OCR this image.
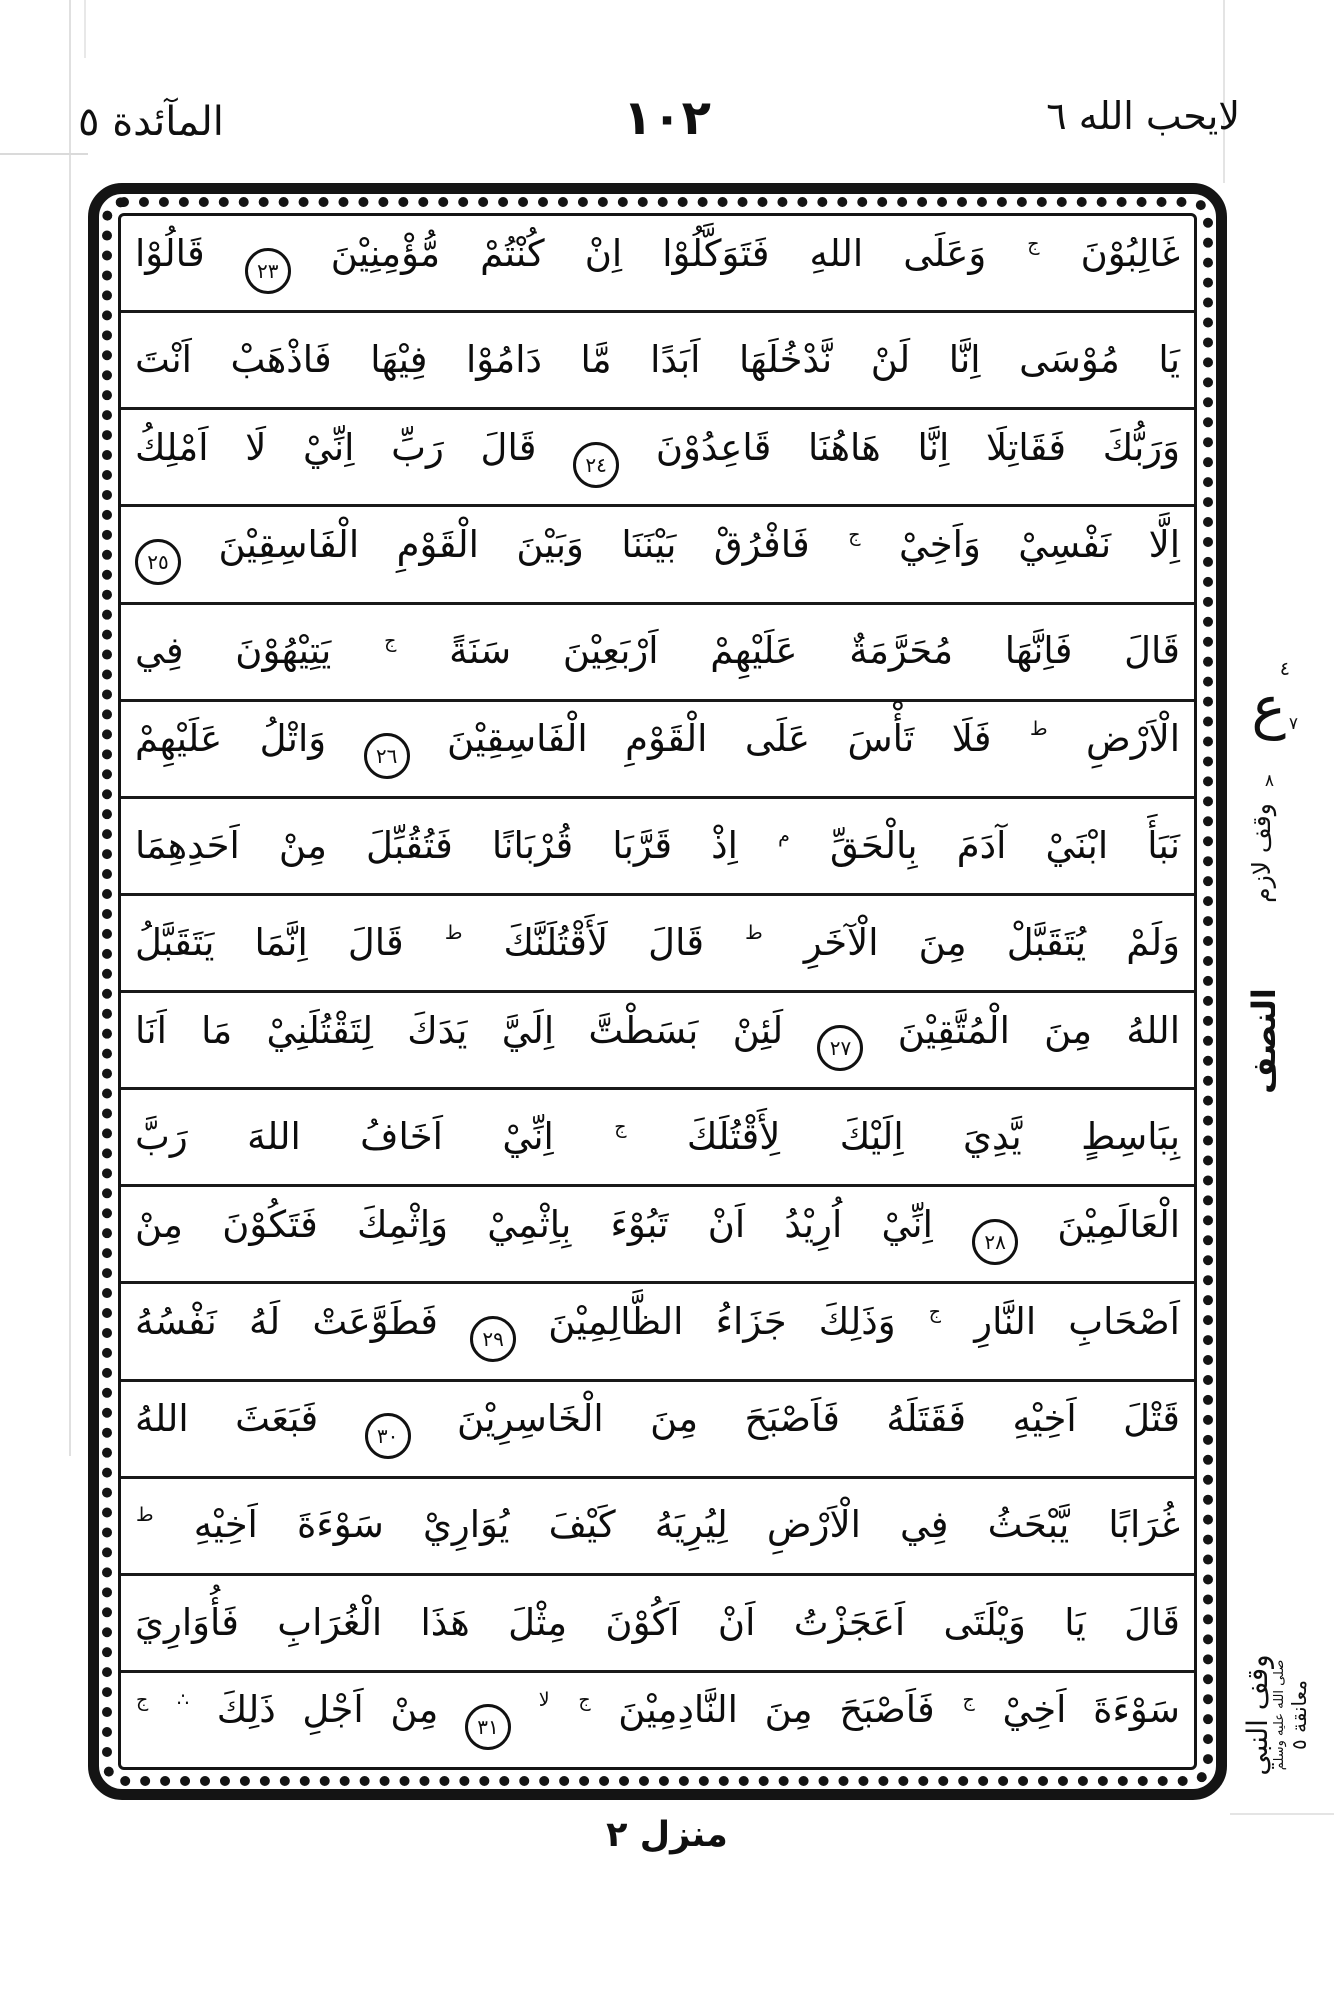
المآئدة ٥	١٠٢	لايحب الله ٦
غَالِبُوْنَ ج وَعَلَى اللهِ فَتَوَكَّلُوْا اِنْ كُنْتُمْ مُّؤْمِنِيْنَ ٢٣ قَالُوْا
يَا مُوْسَى اِنَّا لَنْ نَّدْخُلَهَا اَبَدًا مَّا دَامُوْا فِيْهَا فَاذْهَبْ اَنْتَ
وَرَبُّكَ فَقَاتِلَا اِنَّا هَاهُنَا قَاعِدُوْنَ ٢٤ قَالَ رَبِّ اِنِّيْ لَا اَمْلِكُ
اِلَّا نَفْسِيْ وَاَخِيْ ج فَافْرُقْ بَيْنَنَا وَبَيْنَ الْقَوْمِ الْفَاسِقِيْنَ ٢٥
قَالَ فَاِنَّهَا مُحَرَّمَةٌ عَلَيْهِمْ اَرْبَعِيْنَ سَنَةً ج يَتِيْهُوْنَ فِي
الْاَرْضِ ط فَلَا تَأْسَ عَلَى الْقَوْمِ الْفَاسِقِيْنَ ٢٦ وَاتْلُ عَلَيْهِمْ
نَبَأَ ابْنَيْ آدَمَ بِالْحَقِّ م اِذْ قَرَّبَا قُرْبَانًا فَتُقُبِّلَ مِنْ اَحَدِهِمَا
وَلَمْ يُتَقَبَّلْ مِنَ الْآخَرِ ط قَالَ لَأَقْتُلَنَّكَ ط قَالَ اِنَّمَا يَتَقَبَّلُ
اللهُ مِنَ الْمُتَّقِيْنَ ٢٧ لَئِنْ بَسَطْتَّ اِلَيَّ يَدَكَ لِتَقْتُلَنِيْ مَا اَنَا
بِبَاسِطٍ يَّدِيَ اِلَيْكَ لِأَقْتُلَكَ ج اِنِّيْ اَخَافُ اللهَ رَبَّ
الْعَالَمِيْنَ ٢٨ اِنِّيْ اُرِيْدُ اَنْ تَبُوْءَ بِاِثْمِيْ وَاِثْمِكَ فَتَكُوْنَ مِنْ
اَصْحَابِ النَّارِ ج وَذَلِكَ جَزَاءُ الظَّالِمِيْنَ ٢٩ فَطَوَّعَتْ لَهُ نَفْسُهُ
قَتْلَ اَخِيْهِ فَقَتَلَهُ فَاَصْبَحَ مِنَ الْخَاسِرِيْنَ ٣٠ فَبَعَثَ اللهُ
غُرَابًا يَّبْحَثُ فِي الْاَرْضِ لِيُرِيَهُ كَيْفَ يُوَارِيْ سَوْءَةَ اَخِيْهِ ط
قَالَ يَا وَيْلَتَى اَعَجَزْتُ اَنْ اَكُوْنَ مِثْلَ هَذَا الْغُرَابِ فَأُوَارِيَ
سَوْءَةَ اَخِيْ ج فَاَصْبَحَ مِنَ النَّادِمِيْنَ ج لا ٣١ مِنْ اَجْلِ ذَلِكَ ∴ ج
٤
ع ٧
٨
وقف لازم
النصف
وقف النبي
صلى الله عليه وسلم معانقة ٥
منزل ٢
